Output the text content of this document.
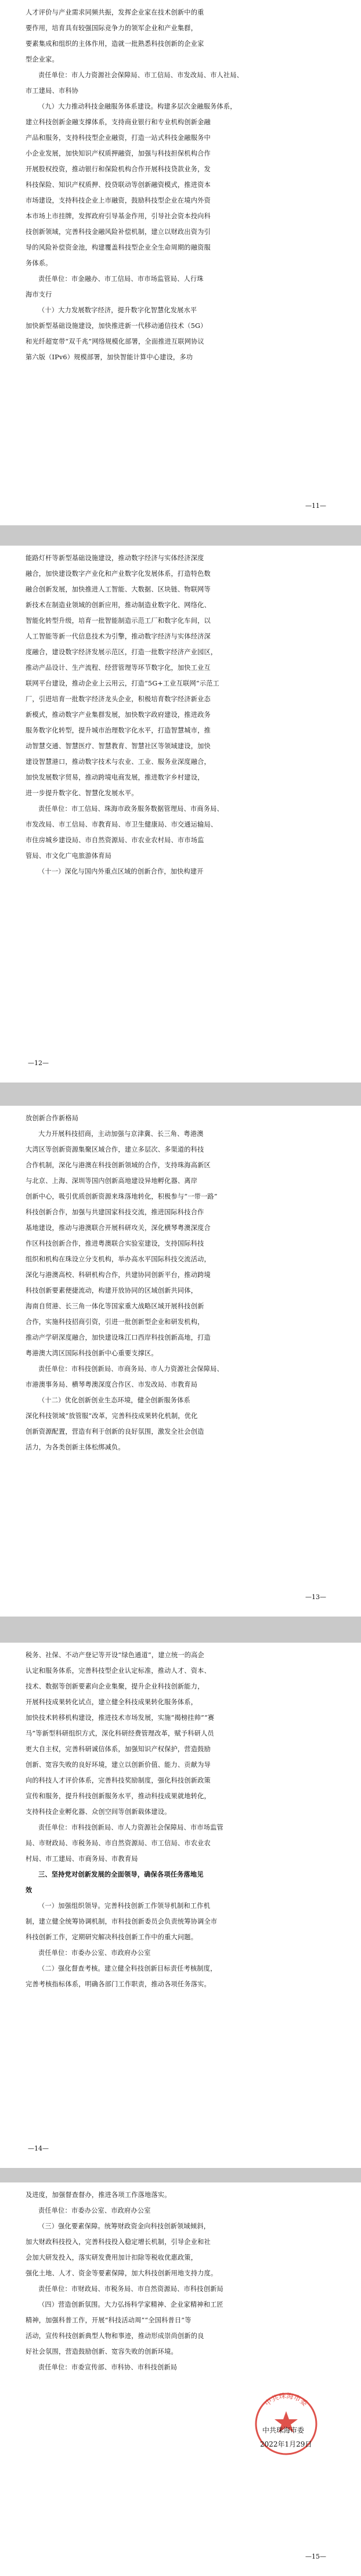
人才评价与产业需求同频共振，发挥企业家在技术创新中的重
要作用，培育具有较强国际竞争力的领军企业和产业集群，
要素集成和组织的主体作用，造就一批熟悉科技创新的企业家
型企业家。
责任单位：市人力资源社会保障局、市工信局、市发改局、市人社局、
市工建局、市科协
（九）大力推动科技金融服务体系建设。构建多层次金融服务体系，
建立科技创新金融支撑体系，支持商业银行和专业机构创新金融
产品和服务，支持科技型企业融资，打造一站式科技金融服务中
小企业发展，加快知识产权质押融资，加强与科技担保机构合作
开展股权投资，推动银行和保险机构合作开展科技贷款业务，发
科技保险、知识产权质押、投贷联动等创新融资模式，推进资本
市场建设，支持科技企业上市融资，鼓励科技型企业在境内外资
本市场上市挂牌，发挥政府引导基金作用，引导社会资本投向科
技创新领域，完善科技金融风险补偿机制，建立以财政出资为引
导的风险补偿资金池，构建覆盖科技型企业全生命周期的融资服
务体系。
责任单位：市金融办、市工信局、市市场监管局、人行珠
海市支行
（十）大力发展数字经济，提升数字化智慧化发展水平
加快新型基础设施建设，加快推进新一代移动通信技术（5G）
和光纤超宽带“双千兆”网络规模化部署，全面推进互联网协议
第六版（IPv6）规模部署，加快智能计算中心建设，多功
—11—
能路灯杆等新型基础设施建设，推动数字经济与实体经济深度
融合，加快建设数字产业化和产业数字化发展体系，打造特色数
融合创新发展，加快推进人工智能、大数据、区块链、物联网等
新技术在制造业领域的创新应用，推动制造业数字化、网络化、
智能化转型升级，培育一批智能制造示范工厂和数字化车间，以
人工智能等新一代信息技术为引擎，推动数字经济与实体经济深
度融合，建设数字经济发展示范区，打造一批数字经济产业园区，
推动产品设计、生产流程、经营管理等环节数字化，加快工业互
联网平台建设，推动企业上云用云，打造“5G+工业互联网”示范工
厂，引进培育一批数字经济龙头企业，积极培育数字经济新业态
新模式，推动数字产业集群发展，加快数字政府建设，推进政务
服务数字化转型，提升城市治理数字化水平，打造智慧城市，推
动智慧交通、智慧医疗、智慧教育、智慧社区等领域建设，加快
建设智慧港口，推动数字技术与农业、工业、服务业深度融合，
加快发展数字贸易，推动跨境电商发展，推进数字乡村建设，
进一步提升数字化、智慧化发展水平。
责任单位：市工信局、珠海市政务服务数据管理局、市商务局、
市发改局、市工信局、市教育局、市卫生健康局、市交通运输局、
市住房城乡建设局、市自然资源局、市农业农村局、市市场监
管局、市文化广电旅游体育局
（十一）深化与国内外重点区域的创新合作，加快构建开
—12—
放创新合作新格局
大力开展科技招商，主动加强与京津冀、长三角、粤港澳
大湾区等创新资源集聚区域合作，建立多层次、多渠道的科技
合作机制，深化与港澳在科技创新领域的合作，支持珠海高新区
与北京、上海、深圳等国内创新高地建设异地孵化器、离岸
创新中心，吸引优质创新资源来珠落地转化，积极参与“一带一路”
科技创新合作，加强与共建国家科技交流，推进国际科技合作
基地建设，推动与港澳联合开展科研攻关，深化横琴粤澳深度合
作区科技创新合作，推进粤澳联合实验室建设，支持国际科技
组织和机构在珠设立分支机构，举办高水平国际科技交流活动，
深化与港澳高校、科研机构合作，共建协同创新平台，推动跨境
科技创新要素便捷流动，构建开放协同的区域创新共同体，
海南自贸港、长三角一体化等国家重大战略区域开展科技创新
合作，实施科技招商引资，引进一批创新型企业和研发机构，
推动产学研深度融合，加快建设珠江口西岸科技创新高地，打造
粤港澳大湾区国际科技创新中心重要支撑区。
责任单位：市科技创新局、市商务局、市人力资源社会保障局、
市港澳事务局、横琴粤澳深度合作区、市发改局、市教育局
（十二）优化创新创业生态环境，健全创新服务体系
深化科技领域“放管服”改革，完善科技成果转化机制，优化
创新资源配置，营造有利于创新的良好氛围，激发全社会创造
活力，为各类创新主体松绑减负。
—13—
税务、社保、不动产登记等开设“绿色通道”，建立统一的高企
认定和服务体系，完善科技型企业认定标准，推动人才、资本、
技术、数据等创新要素向企业集聚，提升企业科技创新能力，
开展科技成果转化试点，建立健全科技成果转化服务体系，
加快技术转移机构建设，推进技术市场发展，实施“揭榜挂帅”“赛
马”等新型科研组织方式，深化科研经费管理改革，赋予科研人员
更大自主权，完善科研诚信体系，加强知识产权保护，营造鼓励
创新、宽容失败的良好环境，建立以创新价值、能力、贡献为导
向的科技人才评价体系，完善科技奖励制度，强化科技创新政策
宣传和服务，提升科技创新服务水平，推动科技成果就地转化，
支持科技企业孵化器、众创空间等创新载体建设。
责任单位：市科技创新局、市人力资源社会保障局、市市场监管
局、市财政局、市税务局、市自然资源局、市工信局、市农业农
村局、市工建局、市商务局、市教育局
三、坚持党对创新发展的全面领导，确保各项任务落地见
效
（一）加强组织领导。完善科技创新工作领导机制和工作机
制，建立健全统筹协调机制，市科技创新委员会负责统筹协调全市
科技创新工作，定期研究解决科技创新工作中的重大问题。
责任单位：市委办公室、市政府办公室
（二）强化督查考核。建立健全科技创新目标责任考核制度，
完善考核指标体系，明确各部门工作职责，推动各项任务落实。
—14—
及进度，加强督查督办，推进各项工作落地落实。
责任单位：市委办公室、市政府办公室
（三）强化要素保障。统筹财政资金向科技创新领域倾斜，
加大财政科技投入，完善科技投入稳定增长机制，引导企业和社
会加大研发投入，落实研发费用加计扣除等税收优惠政策，
强化土地、人才、资金等要素保障，加大科技创新用地支持力度。
责任单位：市财政局、市税务局、市自然资源局、市科技创新局
（四）营造创新氛围。大力弘扬科学家精神、企业家精神和工匠
精神，加强科普工作，开展“科技活动周”“全国科普日”等
活动，宣传科技创新典型人物和事迹，推动形成崇尚创新的良
好社会氛围，营造鼓励创新、宽容失败的创新环境。
责任单位：市委宣传部、市科协、市科技创新局
—15—
中共珠海市委
中共珠海市委
2022年1月29日
